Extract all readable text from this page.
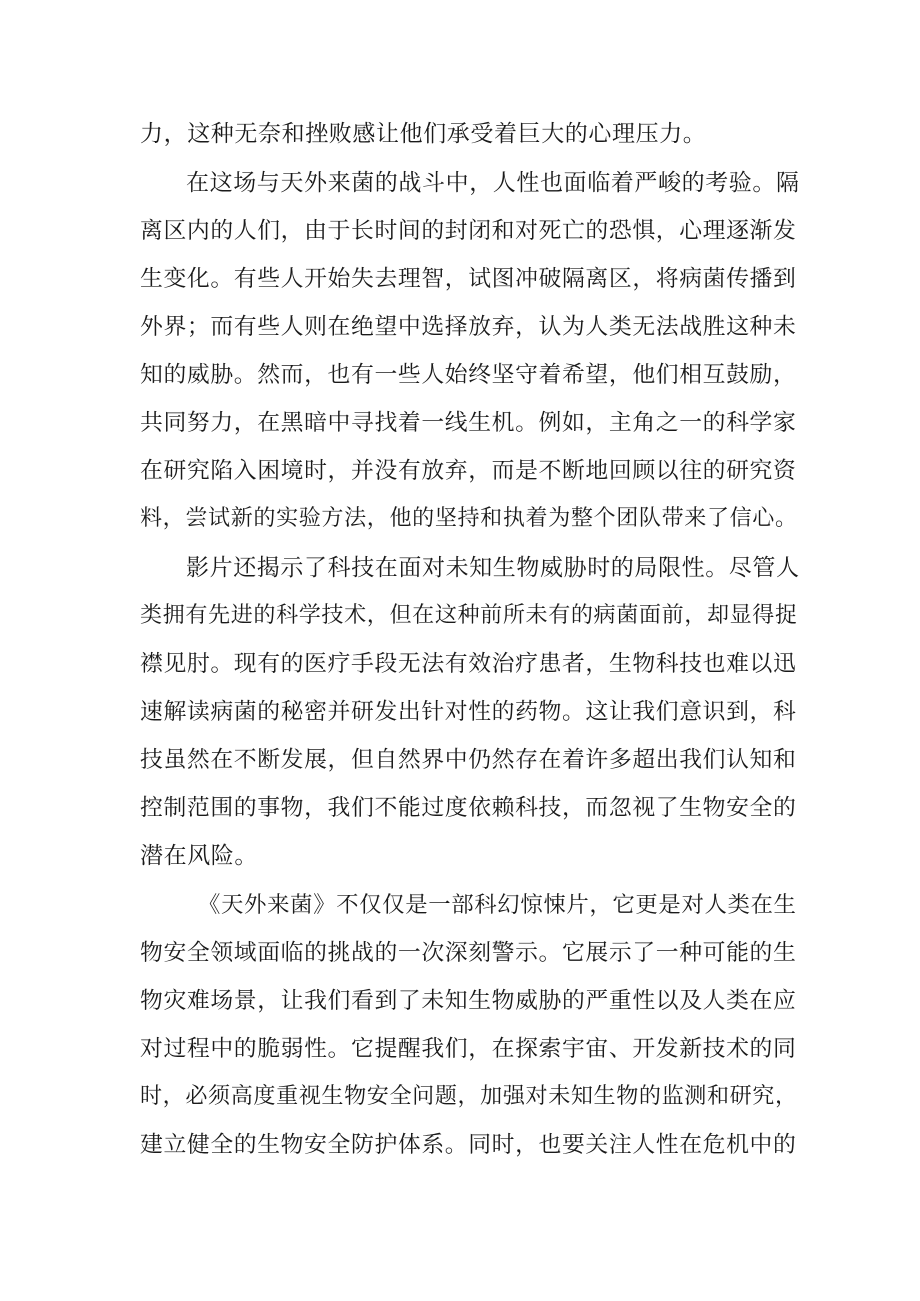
力，这种无奈和挫败感让他们承受着巨大的心理压力。
在这场与天外来菌的战斗中，人性也面临着严峻的考验。隔
离区内的人们，由于长时间的封闭和对死亡的恐惧，心理逐渐发
生变化。有些人开始失去理智，试图冲破隔离区，将病菌传播到
外界；而有些人则在绝望中选择放弃，认为人类无法战胜这种未
知的威胁。然而，也有一些人始终坚守着希望，他们相互鼓励，
共同努力，在黑暗中寻找着一线生机。例如，主角之一的科学家
在研究陷入困境时，并没有放弃，而是不断地回顾以往的研究资
料，尝试新的实验方法，他的坚持和执着为整个团队带来了信心。
影片还揭示了科技在面对未知生物威胁时的局限性。尽管人
类拥有先进的科学技术，但在这种前所未有的病菌面前，却显得捉
襟见肘。现有的医疗手段无法有效治疗患者，生物科技也难以迅
速解读病菌的秘密并研发出针对性的药物。这让我们意识到，科
技虽然在不断发展，但自然界中仍然存在着许多超出我们认知和
控制范围的事物，我们不能过度依赖科技，而忽视了生物安全的
潜在风险。
《天外来菌》不仅仅是一部科幻惊悚片，它更是对人类在生
物安全领域面临的挑战的一次深刻警示。它展示了一种可能的生
物灾难场景，让我们看到了未知生物威胁的严重性以及人类在应
对过程中的脆弱性。它提醒我们，在探索宇宙、开发新技术的同
时，必须高度重视生物安全问题，加强对未知生物的监测和研究，
建立健全的生物安全防护体系。同时，也要关注人性在危机中的
